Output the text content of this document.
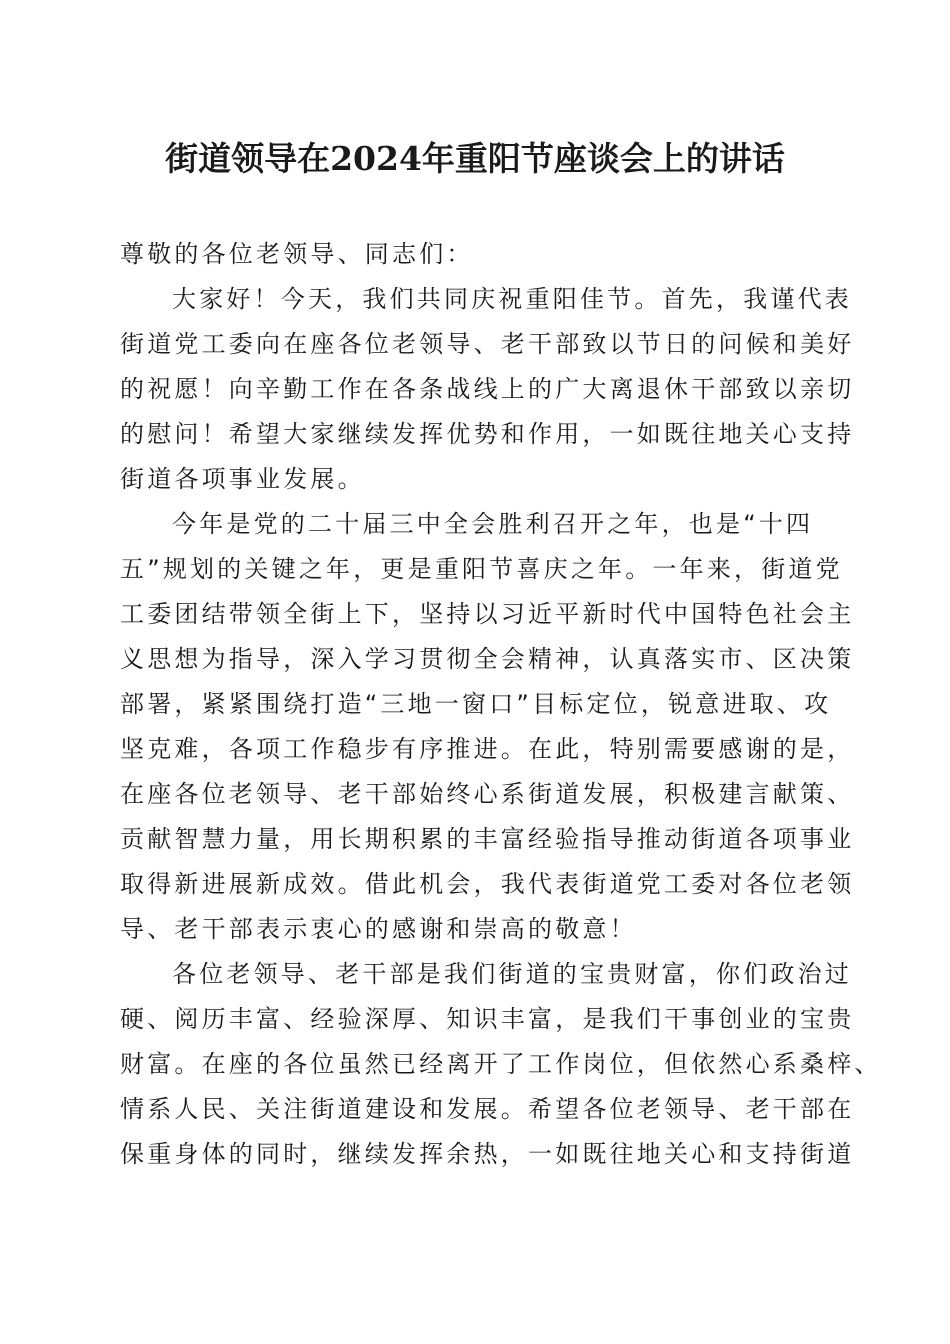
街道领导在2024年重阳节座谈会上的讲话
尊敬的各位老领导、同志们：
大家好！今天，我们共同庆祝重阳佳节。首先，我谨代表
街道党工委向在座各位老领导、老干部致以节日的问候和美好
的祝愿！向辛勤工作在各条战线上的广大离退休干部致以亲切
的慰问！希望大家继续发挥优势和作用，一如既往地关心支持
街道各项事业发展。
今年是党的二十届三中全会胜利召开之年，也是“十四
五”规划的关键之年，更是重阳节喜庆之年。一年来，街道党
工委团结带领全街上下，坚持以习近平新时代中国特色社会主
义思想为指导，深入学习贯彻全会精神，认真落实市、区决策
部署，紧紧围绕打造“三地一窗口”目标定位，锐意进取、攻
坚克难，各项工作稳步有序推进。在此，特别需要感谢的是，
在座各位老领导、老干部始终心系街道发展，积极建言献策、
贡献智慧力量，用长期积累的丰富经验指导推动街道各项事业
取得新进展新成效。借此机会，我代表街道党工委对各位老领
导、老干部表示衷心的感谢和崇高的敬意！
各位老领导、老干部是我们街道的宝贵财富，你们政治过
硬、阅历丰富、经验深厚、知识丰富，是我们干事创业的宝贵
财富。在座的各位虽然已经离开了工作岗位，但依然心系桑梓、
情系人民、关注街道建设和发展。希望各位老领导、老干部在
保重身体的同时，继续发挥余热，一如既往地关心和支持街道
